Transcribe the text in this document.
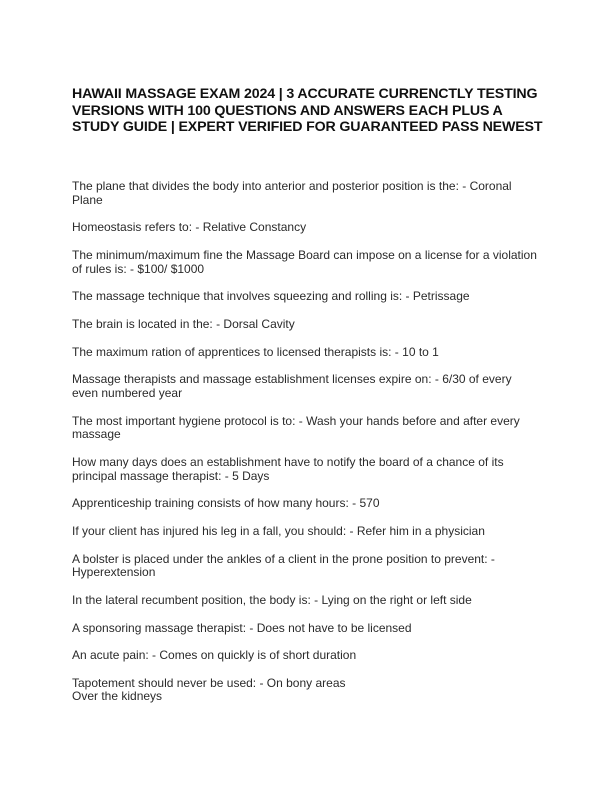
HAWAII MASSAGE EXAM 2024 | 3 ACCURATE CURRENCTLY TESTING VERSIONS WITH 100 QUESTIONS AND ANSWERS EACH PLUS A STUDY GUIDE | EXPERT VERIFIED FOR GUARANTEED PASS NEWEST
The plane that divides the body into anterior and posterior position is the: - Coronal
Plane
Homeostasis refers to: - Relative Constancy
The minimum/maximum fine the Massage Board can impose on a license for a violation
of rules is: - $100/ $1000
The massage technique that involves squeezing and rolling is: - Petrissage
The brain is located in the: - Dorsal Cavity
The maximum ration of apprentices to licensed therapists is: - 10 to 1
Massage therapists and massage establishment licenses expire on: - 6/30 of every
even numbered year
The most important hygiene protocol is to: - Wash your hands before and after every
massage
How many days does an establishment have to notify the board of a chance of its
principal massage therapist: - 5 Days
Apprenticeship training consists of how many hours: - 570
If your client has injured his leg in a fall, you should: - Refer him in a physician
A bolster is placed under the ankles of a client in the prone position to prevent: -
Hyperextension
In the lateral recumbent position, the body is: - Lying on the right or left side
A sponsoring massage therapist: - Does not have to be licensed
An acute pain: - Comes on quickly is of short duration
Tapotement should never be used: - On bony areas
Over the kidneys
